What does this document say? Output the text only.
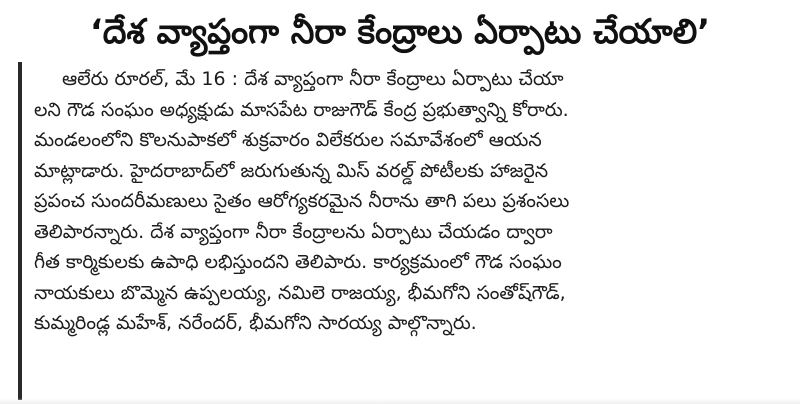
‘దేశ వ్యాప్తంగా నీరా కేంద్రాలు ఏర్పాటు చేయాలి’
ఆలేరు రూరల్, మే 16 : దేశ వ్యాప్తంగా నీరా కేంద్రాలు ఏర్పాటు చేయా
లని గౌడ సంఘం అధ్యక్షుడు మాసపేట రాజుగౌడ్ కేంద్ర ప్రభుత్వాన్ని కోరారు.
మండలంలోని కొలనుపాకలో శుక్రవారం విలేకరుల సమావేశంలో ఆయన
మాట్లాడారు. హైదరాబాద్‌లో జరుగుతున్న మిస్ వరల్డ్ పోటీలకు హాజరైన
ప్రపంచ సుందరీమణులు సైతం ఆరోగ్యకరమైన నీరాను తాగి పలు ప్రశంసలు
తెలిపారన్నారు. దేశ వ్యాప్తంగా నీరా కేంద్రాలను ఏర్పాటు చేయడం ద్వారా
గీత కార్మికులకు ఉపాధి లభిస్తుందని తెలిపారు. కార్యక్రమంలో గౌడ సంఘం
నాయకులు బొమ్మెన ఉప్పలయ్య, నమిలె రాజయ్య, భీమగోని సంతోష్‌గౌడ్,
కుమ్మరిండ్ల మహేశ్, నరేందర్, భీమగోని సారయ్య పాల్గొన్నారు.
